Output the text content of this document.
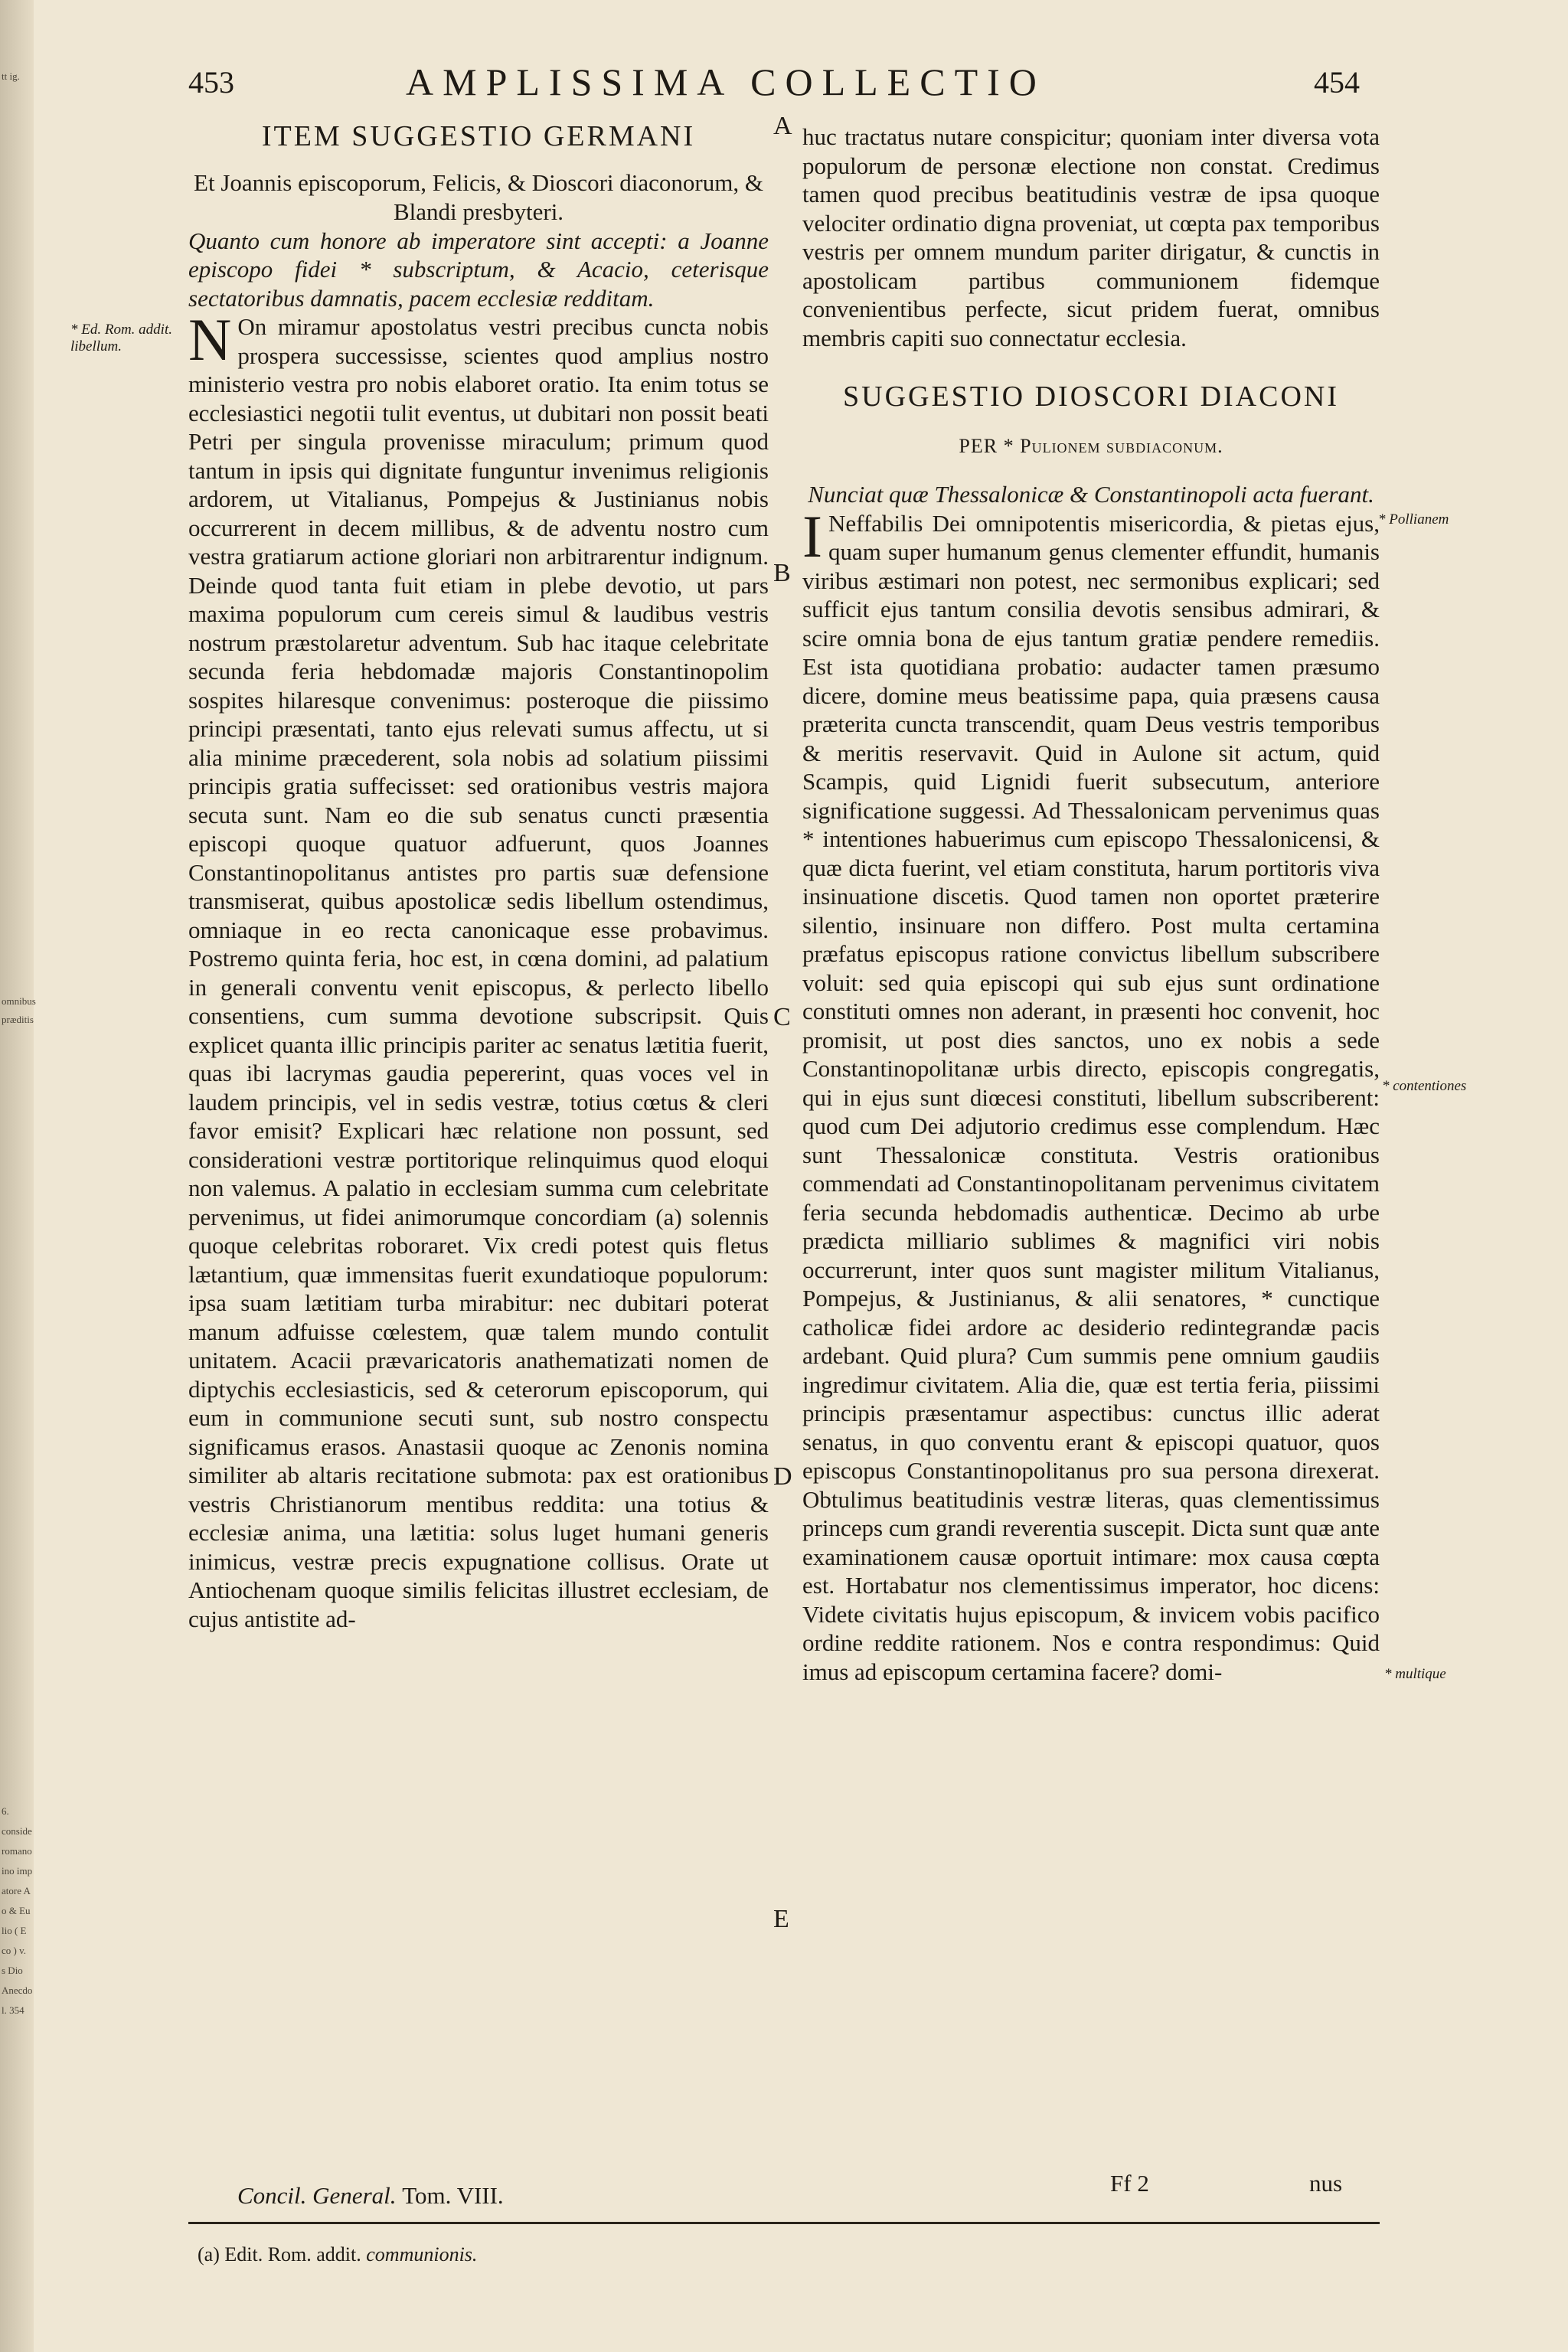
tt ig.
omnibus
præditis
6.
conside
romano
ino imp
atore A
o & Eu
lio ( E
co ) v.
s Dio
Anecdo
l. 354
453	AMPLISSIMA COLLECTIO	454
ITEM SUGGESTIO GERMANI

Et Joannis episcoporum, Felicis, & Dioscori diaconorum, & Blandi presbyteri.

Quanto cum honore ab imperatore sint accepti: a Joanne episcopo fidei * subscriptum, & Acacio, ceterisque sectatoribus damnatis, pacem ecclesiæ redditam.

N On miramur apostolatus vestri precibus cuncta nobis prospera successisse, scientes quod amplius nostro ministerio vestra pro nobis elaboret oratio. Ita enim totus se ecclesiastici negotii tulit eventus, ut dubitari non possit beati Petri per singula provenisse miraculum; primum quod tantum in ipsis qui dignitate funguntur invenimus religionis ardorem, ut Vitalianus, Pompejus & Justinianus nobis occurrerent in decem millibus, & de adventu nostro cum vestra gratiarum actione gloriari non arbitrarentur indignum. Deinde quod tanta fuit etiam in plebe devotio, ut pars maxima populorum cum cereis simul & laudibus vestris nostrum præstolaretur adventum. Sub hac itaque celebritate secunda feria hebdomadæ majoris Constantinopolim sospites hilaresque convenimus: posteroque die piissimo principi præsentati, tanto ejus relevati sumus affectu, ut si alia minime præcederent, sola nobis ad solatium piissimi principis gratia suffecisset: sed orationibus vestris majora secuta sunt. Nam eo die sub senatus cuncti præsentia episcopi quoque quatuor adfuerunt, quos Joannes Constantinopolitanus antistes pro partis suæ defensione transmiserat, quibus apostolicæ sedis libellum ostendimus, omniaque in eo recta canonicaque esse probavimus. Postremo quinta feria, hoc est, in cœna domini, ad palatium in generali conventu venit episcopus, & perlecto libello consentiens, cum summa devotione subscripsit. Quis explicet quanta illic principis pariter ac senatus lætitia fuerit, quas ibi lacrymas gaudia pepererint, quas voces vel in laudem principis, vel in sedis vestræ, totius cœtus & cleri favor emisit? Explicari hæc relatione non possunt, sed considerationi vestræ portitorique relinquimus quod eloqui non valemus. A palatio in ecclesiam summa cum celebritate pervenimus, ut fidei animorumque concordiam (a) solennis quoque celebritas roboraret. Vix credi potest quis fletus lætantium, quæ immensitas fuerit exundatioque populorum: ipsa suam lætitiam turba mirabitur: nec dubitari poterat manum adfuisse cœlestem, quæ talem mundo contulit unitatem. Acacii prævaricatoris anathematizati nomen de diptychis ecclesiasticis, sed & ceterorum episcoporum, qui eum in communione secuti sunt, sub nostro conspectu significamus erasos. Anastasii quoque ac Zenonis nomina similiter ab altaris recitatione submota: pax est orationibus vestris Christianorum mentibus reddita: una totius & ecclesiæ anima, una lætitia: solus luget humani generis inimicus, vestræ precis expugnatione collisus. Orate ut Antiochenam quoque similis felicitas illustret ecclesiam, de cujus antistite ad-

huc tractatus nutare conspicitur; quoniam inter diversa vota populorum de personæ electione non constat. Credimus tamen quod precibus beatitudinis vestræ de ipsa quoque velociter ordinatio digna proveniat, ut cœpta pax temporibus vestris per omnem mundum pariter dirigatur, & cunctis in apostolicam partibus communionem fidemque convenientibus perfecte, sicut pridem fuerat, omnibus membris capiti suo connectatur ecclesia.

SUGGESTIO DIOSCORI DIACONI
PER * Pulionem subdiaconum.

Nunciat quæ Thessalonicæ & Constantinopoli acta fuerant.

I Neffabilis Dei omnipotentis misericordia, & pietas ejus, quam super humanum genus clementer effundit, humanis viribus æstimari non potest, nec sermonibus explicari; sed sufficit ejus tantum consilia devotis sensibus admirari, & scire omnia bona de ejus tantum gratiæ pendere remediis. Est ista quotidiana probatio: audacter tamen præsumo dicere, domine meus beatissime papa, quia præsens causa præterita cuncta transcendit, quam Deus vestris temporibus & meritis reservavit. Quid in Aulone sit actum, quid Scampis, quid Lignidi fuerit subsecutum, anteriore significatione suggessi. Ad Thessalonicam pervenimus quas * intentiones habuerimus cum episcopo Thessalonicensi, & quæ dicta fuerint, vel etiam constituta, harum portitoris viva insinuatione discetis. Quod tamen non oportet præterire silentio, insinuare non differo. Post multa certamina præfatus episcopus ratione convictus libellum subscribere voluit: sed quia episcopi qui sub ejus sunt ordinatione constituti omnes non aderant, in præsenti hoc convenit, hoc promisit, ut post dies sanctos, uno ex nobis a sede Constantinopolitanæ urbis directo, episcopis congregatis, qui in ejus sunt diœcesi constituti, libellum subscriberent: quod cum Dei adjutorio credimus esse complendum. Hæc sunt Thessalonicæ constituta. Vestris orationibus commendati ad Constantinopolitanam pervenimus civitatem feria secunda hebdomadis authenticæ. Decimo ab urbe prædicta milliario sublimes & magnifici viri nobis occurrerunt, inter quos sunt magister militum Vitalianus, Pompejus, & Justinianus, & alii senatores, * cunctique catholicæ fidei ardore ac desiderio redintegrandæ pacis ardebant. Quid plura? Cum summis pene omnium gaudiis ingredimur civitatem. Alia die, quæ est tertia feria, piissimi principis præsentamur aspectibus: cunctus illic aderat senatus, in quo conventu erant & episcopi quatuor, quos episcopus Constantinopolitanus pro sua persona direxerat. Obtulimus beatitudinis vestræ literas, quas clementissimus princeps cum grandi reverentia suscepit. Dicta sunt quæ ante examinationem causæ oportuit intimare: mox causa cœpta est. Hortabatur nos clementissimus imperator, hoc dicens: Videte civitatis hujus episcopum, & invicem vobis pacifico ordine reddite rationem. Nos e contra respondimus: Quid imus ad episcopum certamina facere? domi-

A
B
C
D
E
* Ed. Rom. addit. libellum.
* Pollianem
* contentiones
* multique
Concil. General. Tom. VIII.	Ff 2	nus
(a) Edit. Rom. addit. communionis.
